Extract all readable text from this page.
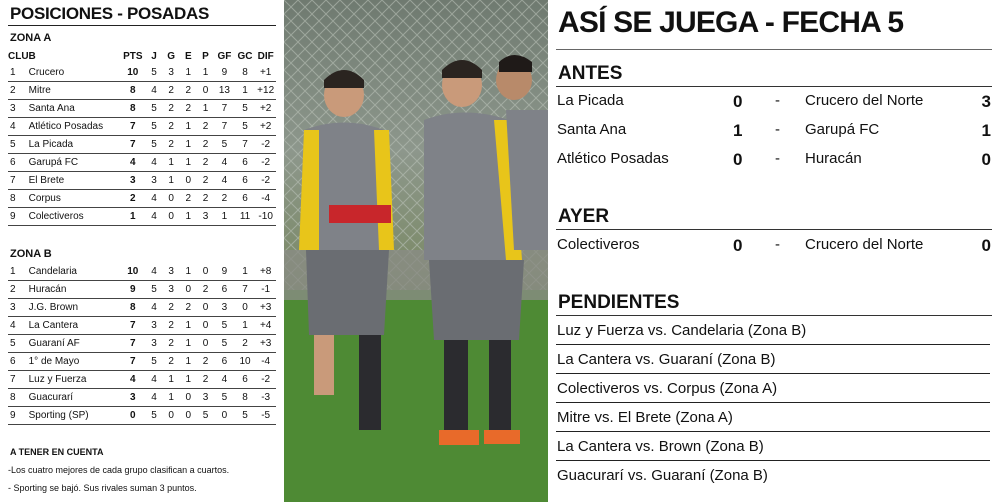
POSICIONES - POSADAS
ZONA A
CLUB		PTS	J	G	E	P	GF	GC	DIF
1	Crucero	10	5	3	1	1	9	8	+1
2	Mitre	8	4	2	2	0	13	1	+12
3	Santa Ana	8	5	2	2	1	7	5	+2
4	Atlético Posadas	7	5	2	1	2	7	5	+2
5	La Picada	7	5	2	1	2	5	7	-2
6	Garupá FC	4	4	1	1	2	4	6	-2
7	El Brete	3	3	1	0	2	4	6	-2
8	Corpus	2	4	0	2	2	2	6	-4
9	Colectiveros	1	4	0	1	3	1	11	-10
ZONA B
1	Candelaria	10	4	3	1	0	9	1	+8
2	Huracán	9	5	3	0	2	6	7	-1
3	J.G. Brown	8	4	2	2	0	3	0	+3
4	La Cantera	7	3	2	1	0	5	1	+4
5	Guaraní AF	7	3	2	1	0	5	2	+3
6	1° de Mayo	7	5	2	1	2	6	10	-4
7	Luz y Fuerza	4	4	1	1	2	4	6	-2
8	Guacurarí	3	4	1	0	3	5	8	-3
9	Sporting (SP)	0	5	0	0	5	0	5	-5
A TENER EN CUENTA
-Los cuatro mejores de cada grupo clasifican a cuartos.
- Sporting se bajó. Sus rivales suman 3 puntos.
ASÍ SE JUEGA - FECHA 5
ANTES
La Picada	0 - Crucero del Norte	3
Santa Ana	1 - Garupá FC	1
Atlético Posadas	0 - Huracán	0
AYER
Colectiveros	0 - Crucero del Norte	0
PENDIENTES
Luz y Fuerza vs. Candelaria (Zona B)
La Cantera vs. Guaraní (Zona B)
Colectiveros vs. Corpus (Zona A)
Mitre vs. El Brete (Zona A)
La Cantera vs. Brown (Zona B)
Guacurarí vs. Guaraní (Zona B)
